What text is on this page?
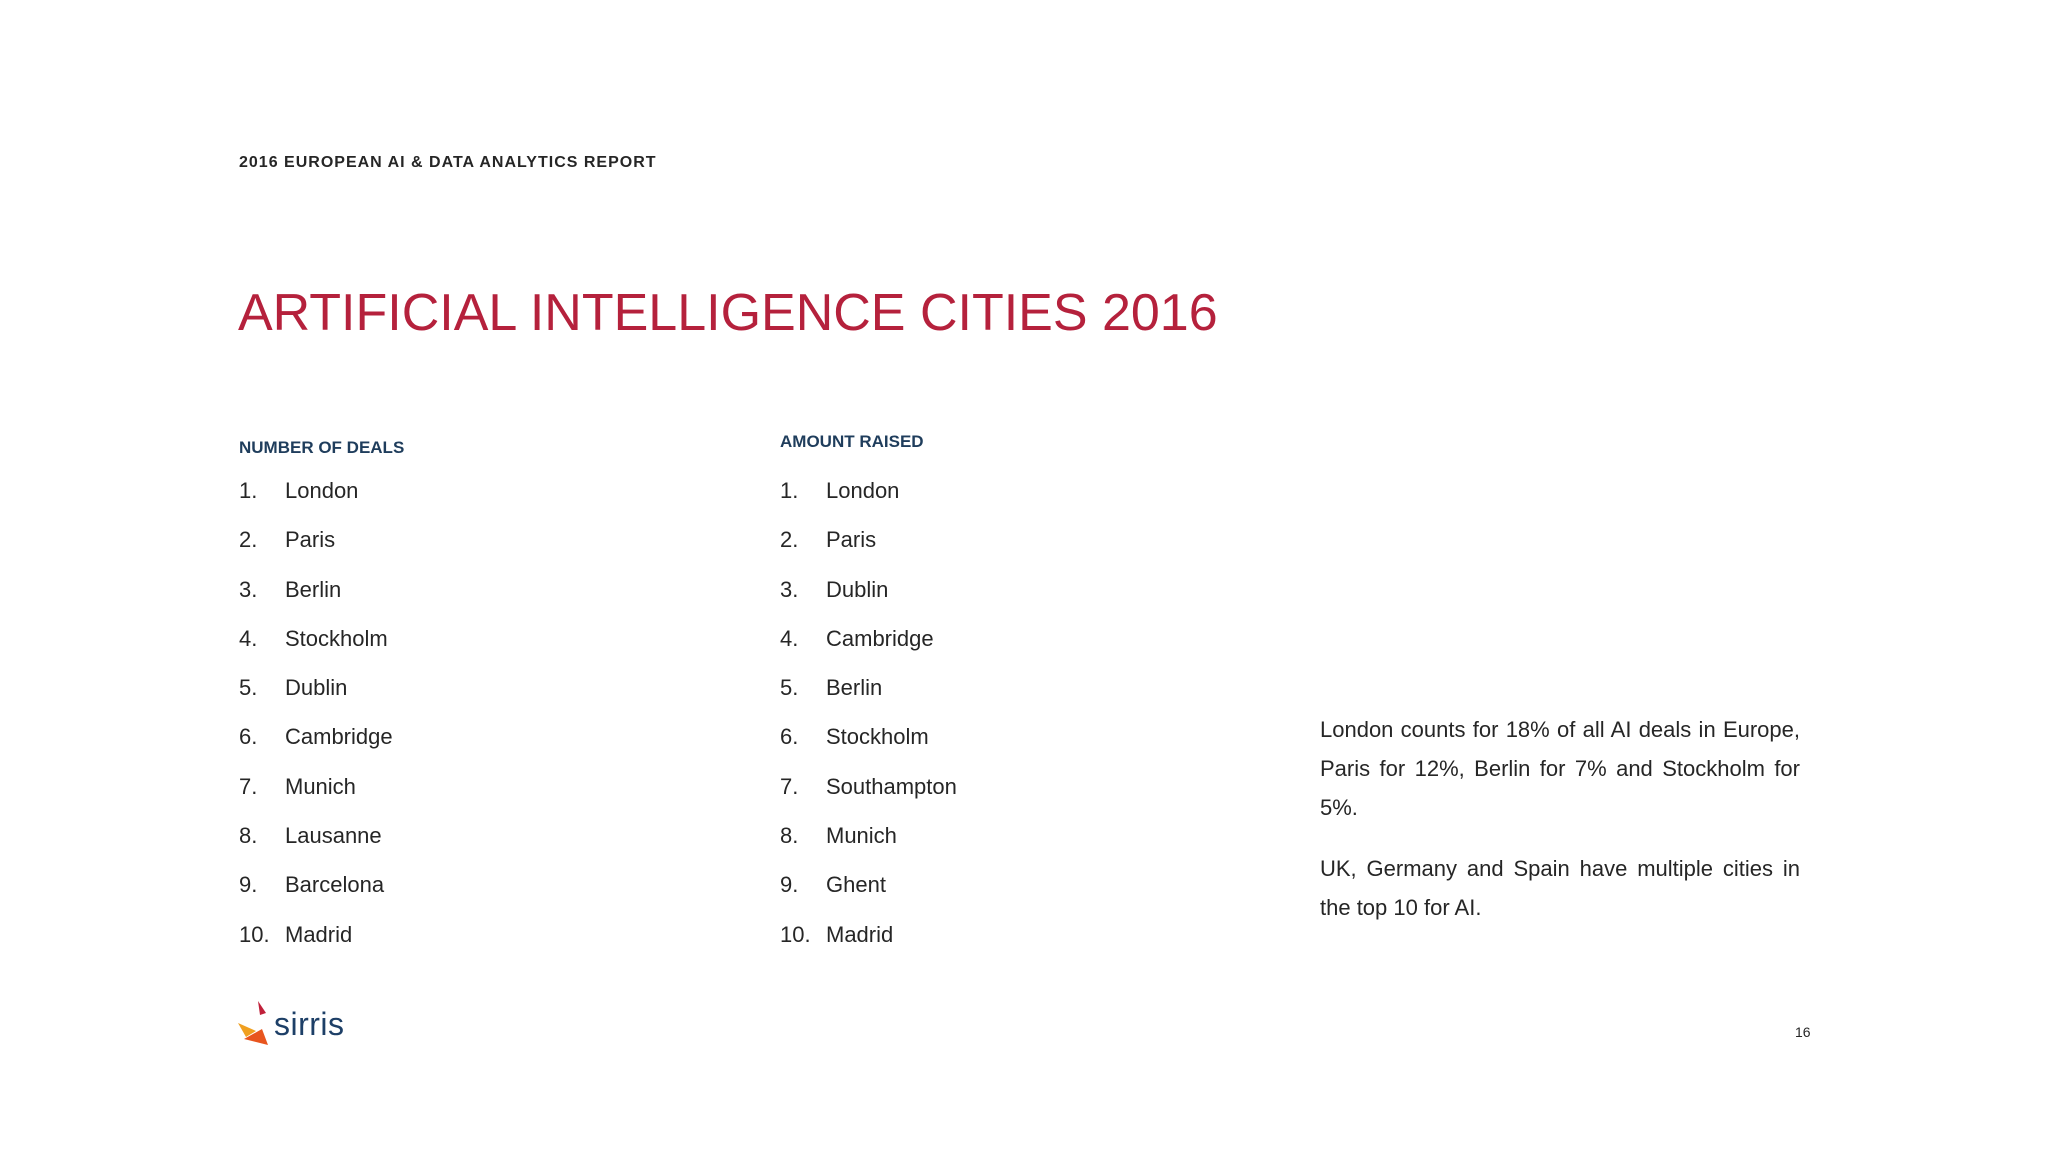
2016 EUROPEAN AI & DATA ANALYTICS REPORT
ARTIFICIAL INTELLIGENCE CITIES 2016
NUMBER OF DEALS
1.	London
2.	Paris
3.	Berlin
4.	Stockholm
5.	Dublin
6.	Cambridge
7.	Munich
8.	Lausanne
9.	Barcelona
10. Madrid
AMOUNT RAISED
1.	London
2.	Paris
3.	Dublin
4.	Cambridge
5.	Berlin
6.	Stockholm
7.	Southampton
8.	Munich
9.	Ghent
10. Madrid

London counts for 18% of all AI deals in Europe, Paris for 12%, Berlin for 7% and Stockholm for 5%.

UK, Germany and Spain have multiple cities in the top 10 for AI.

sirris	16
